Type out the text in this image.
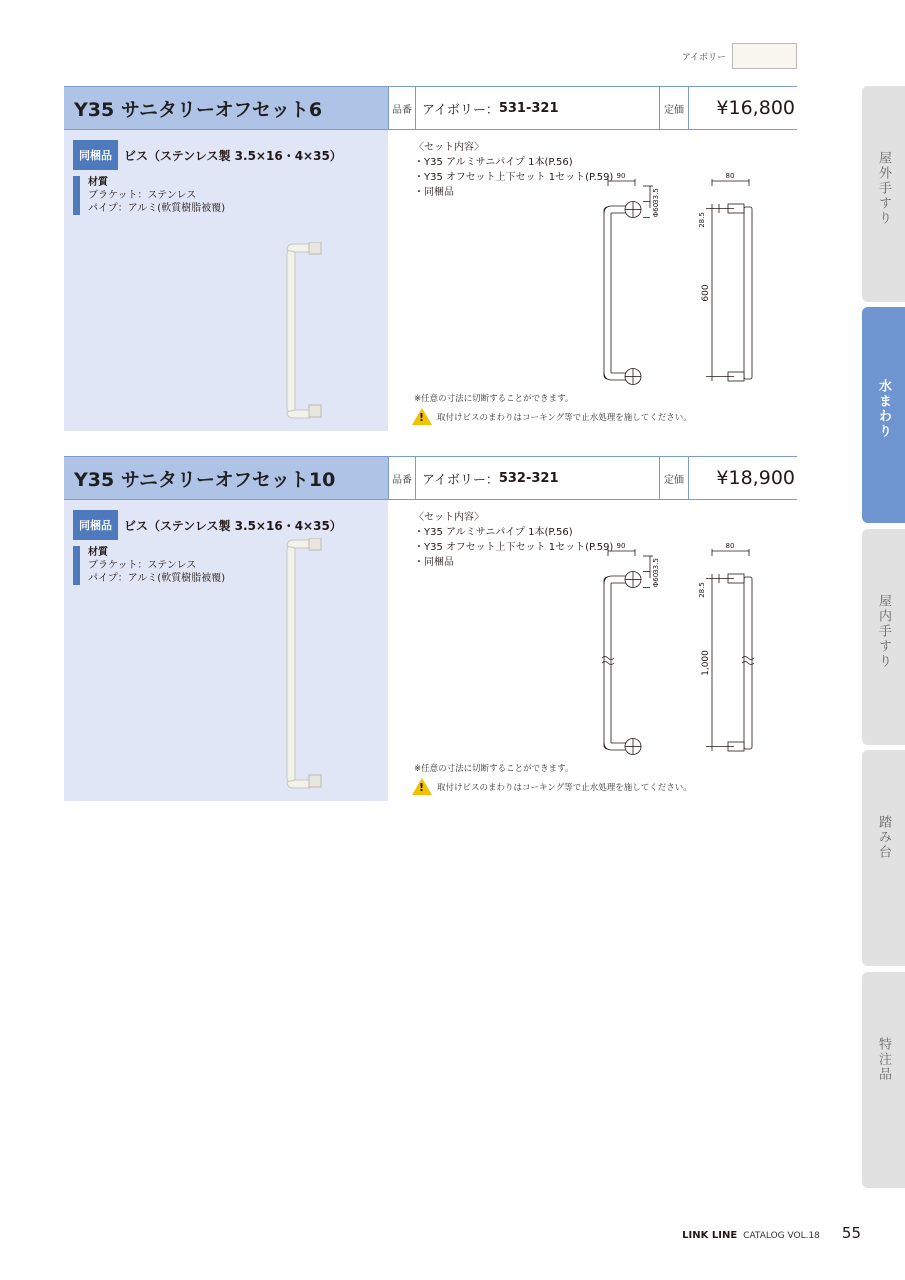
アイボリー
Y35 サニタリーオフセット6	品番 アイボリー： 531-321	定価	¥16,800
同梱品	ビス（ステンレス製 3.5×16・4×35）
材質
ブラケット：ステンレス
パイプ：アルミ(軟質樹脂被覆)
〈セット内容〉
・Y35 アルミサニパイプ 1本(P.56)
・Y35 オフセット上下セット 1セット(P.59)
・同梱品
90
33.5
Φ60
80
28.5
600
※任意の寸法に切断することができます。
! 取付けビスのまわりはコーキング等で止水処理を施してください。
Y35 サニタリーオフセット10	品番 アイボリー： 532-321	定価	¥18,900
同梱品	ビス（ステンレス製 3.5×16・4×35）
材質
ブラケット：ステンレス
パイプ：アルミ(軟質樹脂被覆)
〈セット内容〉
・Y35 アルミサニパイプ 1本(P.56)
・Y35 オフセット上下セット 1セット(P.59)
・同梱品
90
33.5
Φ60
80
28.5
1,000
※任意の寸法に切断することができます。
! 取付けビスのまわりはコーキング等で止水処理を施してください。
屋外手すり
水まわり
屋内手すり
踏み台
特注品
LINK LINE CATALOG VOL.18 55
